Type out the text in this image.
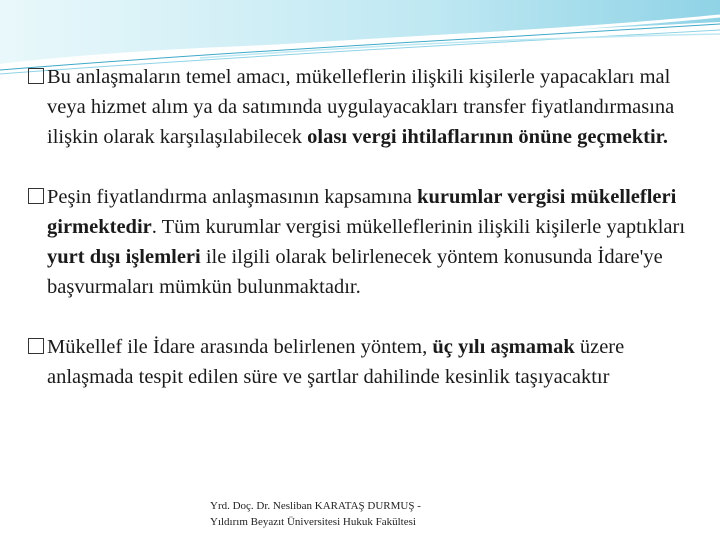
Bu anlaşmaların temel amacı, mükelleflerin ilişkili kişilerle yapacakları mal veya hizmet alım ya da satımında uygulayacakları transfer fiyatlandırmasına ilişkin olarak karşılaşılabilecek olası vergi ihtilaflarının önüne geçmektir.
Peşin fiyatlandırma anlaşmasının kapsamına kurumlar vergisi mükellefleri girmektedir. Tüm kurumlar vergisi mükelleflerinin ilişkili kişilerle yaptıkları yurt dışı işlemleri ile ilgili olarak belirlenecek yöntem konusunda İdare'ye başvurmaları mümkün bulunmaktadır.
Mükellef ile İdare arasında belirlenen yöntem, üç yılı aşmamak üzere anlaşmada tespit edilen süre ve şartlar dahilinde kesinlik taşıyacaktır
Yrd. Doç. Dr. Nesliban KARATAŞ DURMUŞ -
Yıldırım Beyazıt Üniversitesi Hukuk Fakültesi
